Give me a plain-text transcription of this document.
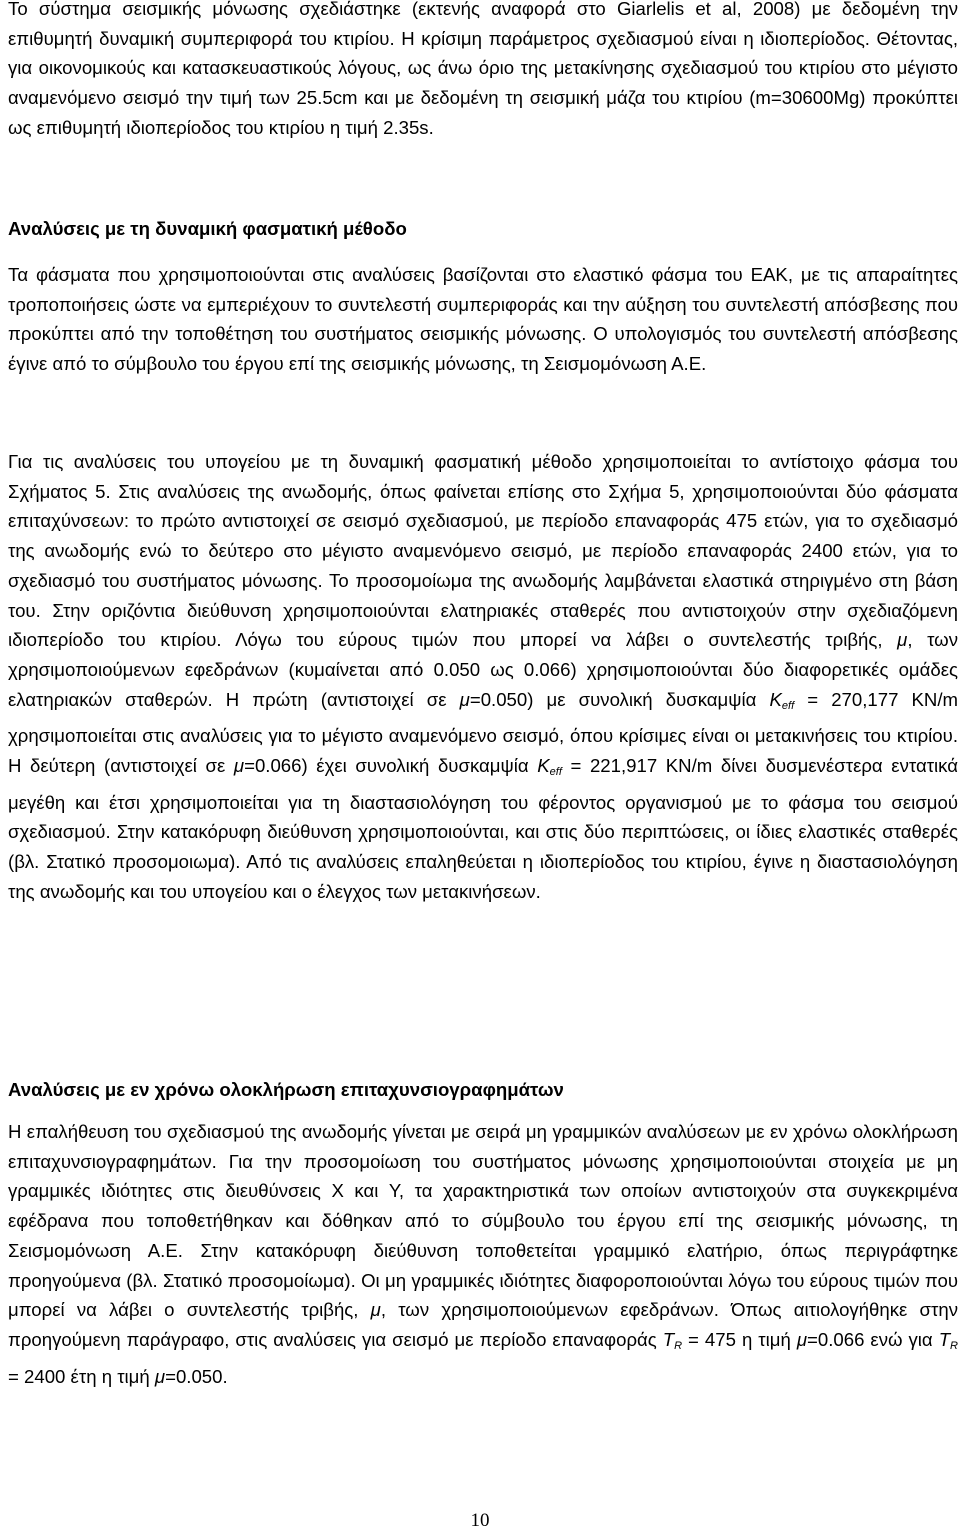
Το σύστημα σεισμικής μόνωσης σχεδιάστηκε (εκτενής αναφορά στο Giarlelis et al, 2008) με δεδομένη την επιθυμητή δυναμική συμπεριφορά του κτιρίου. Η κρίσιμη παράμετρος σχεδιασμού είναι η ιδιοπερίοδος. Θέτοντας, για οικονομικούς και κατασκευαστικούς λόγους, ως άνω όριο της μετακίνησης σχεδιασμού του κτιρίου στο μέγιστο αναμενόμενο σεισμό την τιμή των 25.5cm και με δεδομένη τη σεισμική μάζα του κτιρίου (m=30600Mg) προκύπτει ως επιθυμητή ιδιοπερίοδος του κτιρίου η τιμή 2.35s.

Αναλύσεις με τη δυναμική φασματική μέθοδο

Τα φάσματα που χρησιμοποιούνται στις αναλύσεις βασίζονται στο ελαστικό φάσμα του ΕΑΚ, με τις απαραίτητες τροποποιήσεις ώστε να εμπεριέχουν το συντελεστή συμπεριφοράς και την αύξηση του συντελεστή απόσβεσης που προκύπτει από την τοποθέτηση του συστήματος σεισμικής μόνωσης. Ο υπολογισμός του συντελεστή απόσβεσης έγινε από το σύμβουλο του έργου επί της σεισμικής μόνωσης, τη Σεισμομόνωση Α.Ε.

Για τις αναλύσεις του υπογείου με τη δυναμική φασματική μέθοδο χρησιμοποιείται το αντίστοιχο φάσμα του Σχήματος 5. Στις αναλύσεις της ανωδομής, όπως φαίνεται επίσης στο Σχήμα 5, χρησιμοποιούνται δύο φάσματα επιταχύνσεων: το πρώτο αντιστοιχεί σε σεισμό σχεδιασμού, με περίοδο επαναφοράς 475 ετών, για το σχεδιασμό της ανωδομής ενώ το δεύτερο στο μέγιστο αναμενόμενο σεισμό, με περίοδο επαναφοράς 2400 ετών, για το σχεδιασμό του συστήματος μόνωσης. Το προσομοίωμα της ανωδομής λαμβάνεται ελαστικά στηριγμένο στη βάση του. Στην οριζόντια διεύθυνση χρησιμοποιούνται ελατηριακές σταθερές που αντιστοιχούν στην σχεδιαζόμενη ιδιοπερίοδο του κτιρίου. Λόγω του εύρους τιμών που μπορεί να λάβει ο συντελεστής τριβής, μ, των χρησιμοποιούμενων εφεδράνων (κυμαίνεται από 0.050 ως 0.066) χρησιμοποιούνται δύο διαφορετικές ομάδες ελατηριακών σταθερών. Η πρώτη (αντιστοιχεί σε μ=0.050) με συνολική δυσκαμψία $K_{eff} = 270,177$ KN/m χρησιμοποιείται στις αναλύσεις για το μέγιστο αναμενόμενο σεισμό, όπου κρίσιμες είναι οι μετακινήσεις του κτιρίου. Η δεύτερη (αντιστοιχεί σε μ=0.066) έχει συνολική δυσκαμψία $K_{eff} = 221,917$ KN/m δίνει δυσμενέστερα εντατικά μεγέθη και έτσι χρησιμοποιείται για τη διαστασιολόγηση του φέροντος οργανισμού με το φάσμα του σεισμού σχεδιασμού. Στην κατακόρυφη διεύθυνση χρησιμοποιούνται, και στις δύο περιπτώσεις, οι ίδιες ελαστικές σταθερές (βλ. Στατικό προσομοιωμα). Από τις αναλύσεις επαληθεύεται η ιδιοπερίοδος του κτιρίου, έγινε η διαστασιολόγηση της ανωδομής και του υπογείου και ο έλεγχος των μετακινήσεων.

Αναλύσεις με εν χρόνω ολοκλήρωση επιταχυνσιογραφημάτων

Η επαλήθευση του σχεδιασμού της ανωδομής γίνεται με σειρά μη γραμμικών αναλύσεων με εν χρόνω ολοκλήρωση επιταχυνσιογραφημάτων. Για την προσομοίωση του συστήματος μόνωσης χρησιμοποιούνται στοιχεία με μη γραμμικές ιδιότητες στις διευθύνσεις X και Y, τα χαρακτηριστικά των οποίων αντιστοιχούν στα συγκεκριμένα εφέδρανα που τοποθετήθηκαν και δόθηκαν από το σύμβουλο του έργου επί της σεισμικής μόνωσης, τη Σεισμομόνωση Α.Ε. Στην κατακόρυφη διεύθυνση τοποθετείται γραμμικό ελατήριο, όπως περιγράφτηκε προηγούμενα (βλ. Στατικό προσομοίωμα). Οι μη γραμμικές ιδιότητες διαφοροποιούνται λόγω του εύρους τιμών που μπορεί να λάβει ο συντελεστής τριβής, μ, των χρησιμοποιούμενων εφεδράνων. Όπως αιτιολογήθηκε στην προηγούμενη παράγραφο, στις αναλύσεις για σεισμό με περίοδο επαναφοράς $T_R = 475$ η τιμή μ=0.066 ενώ για $T_R = 2400$ έτη η τιμή μ=0.050.

10
